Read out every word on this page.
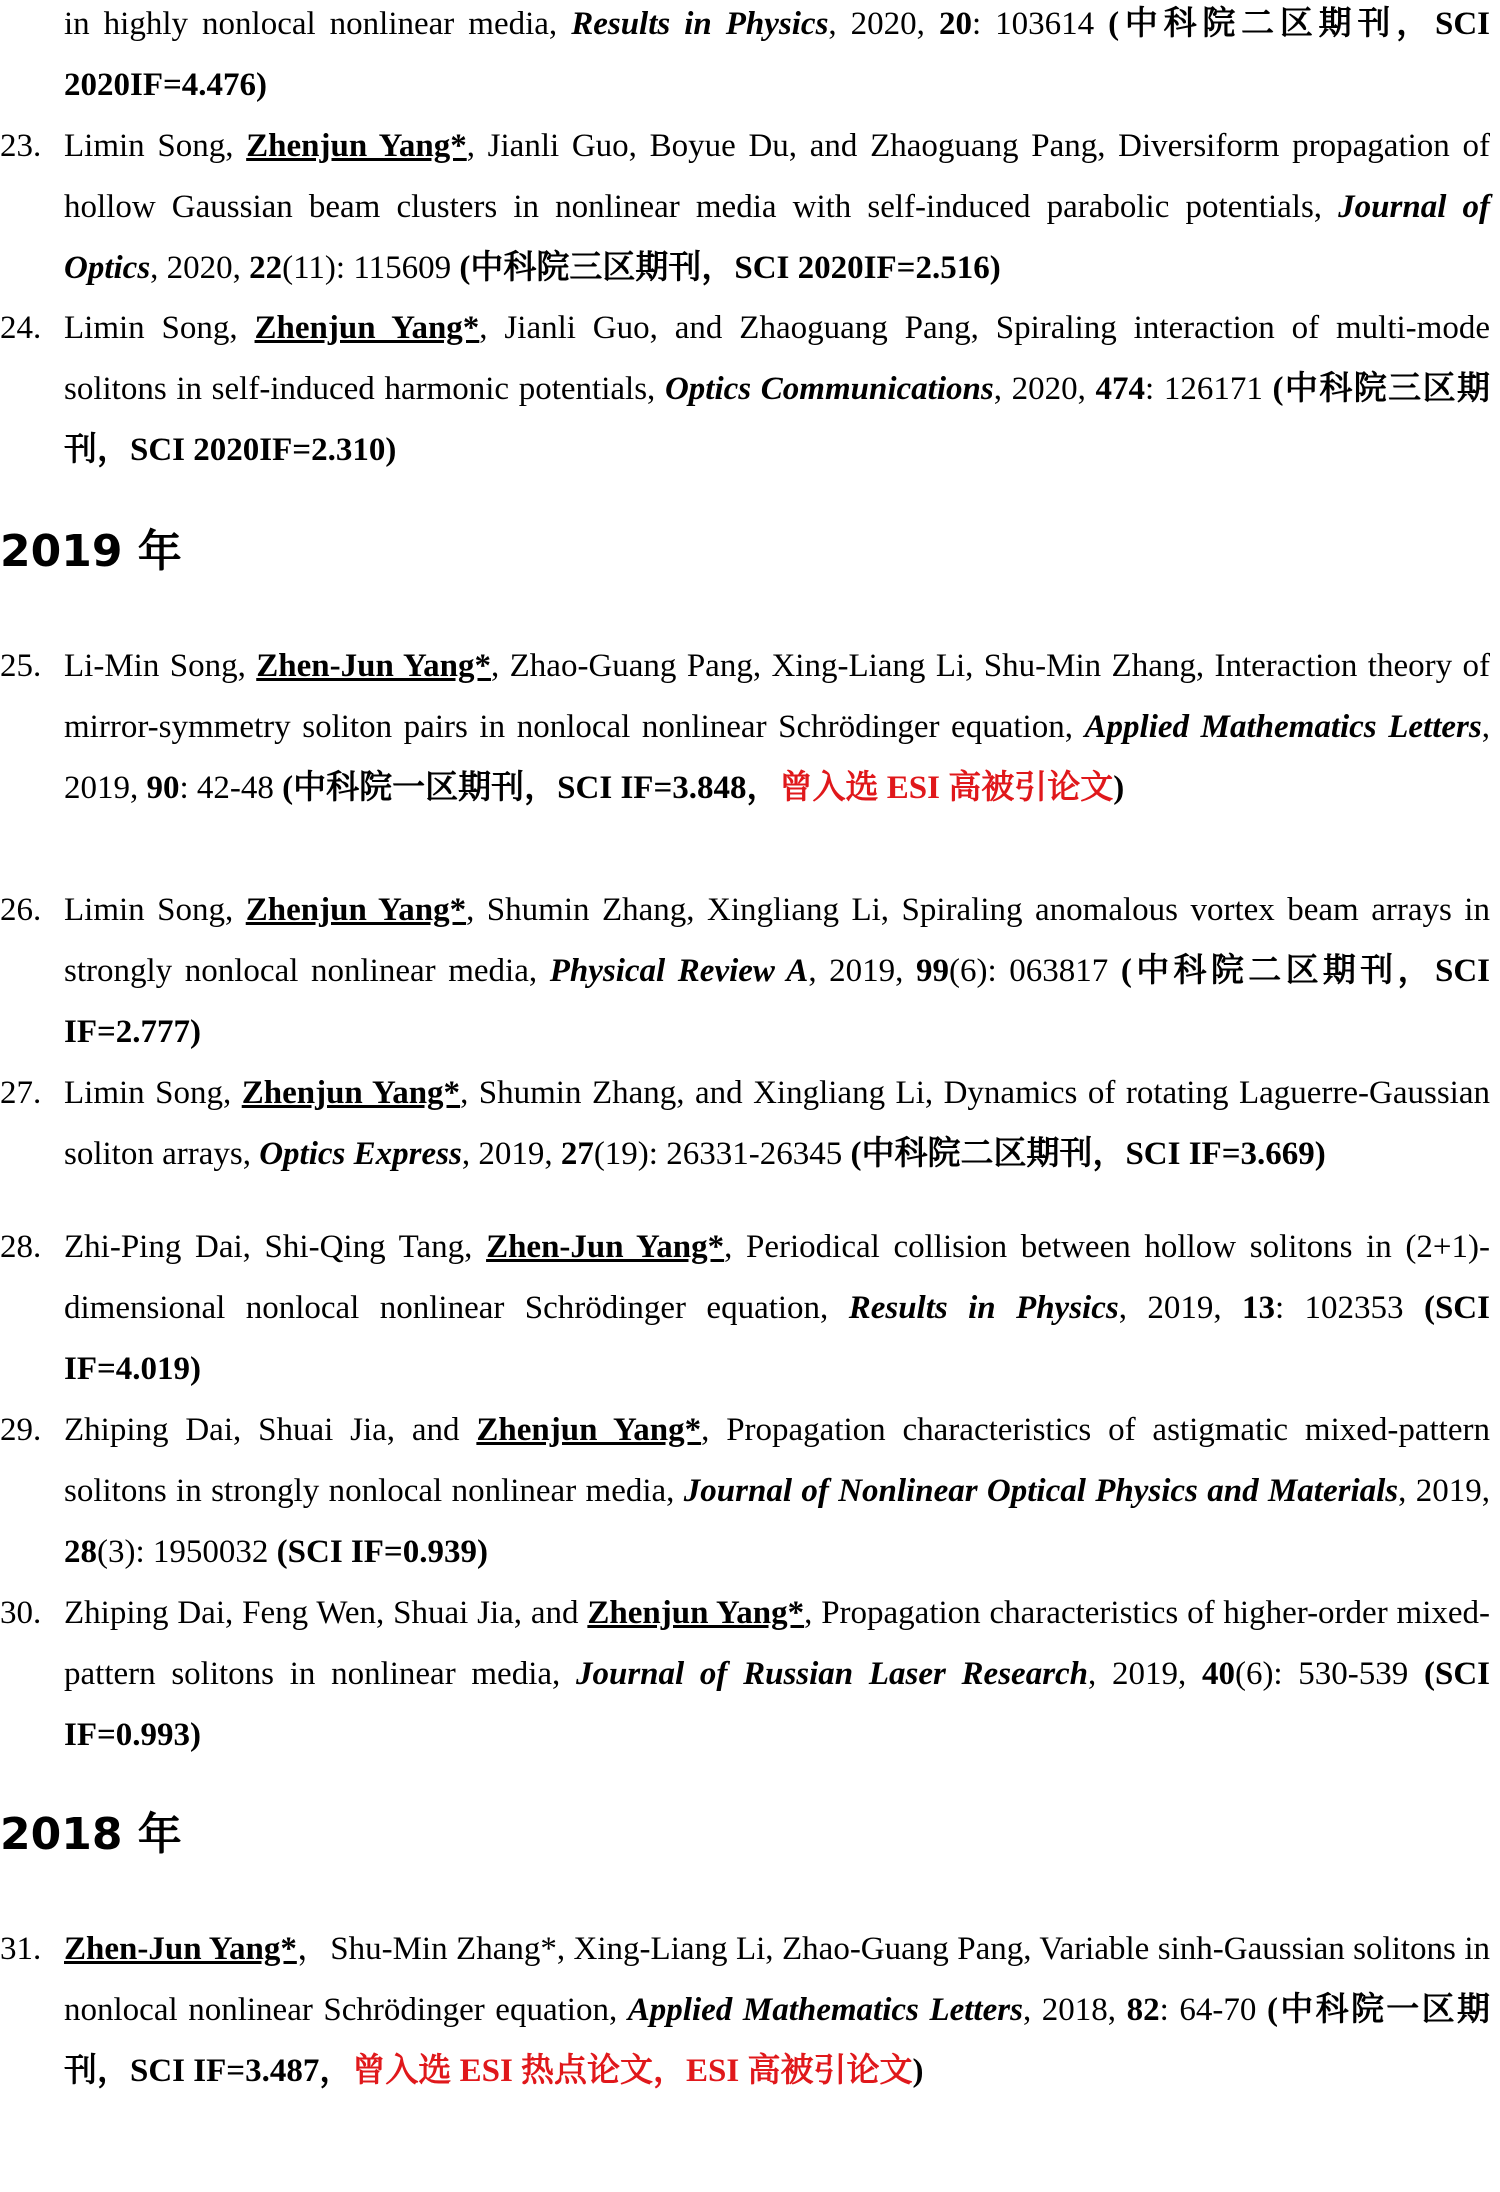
in highly nonlocal nonlinear media, Results in Physics, 2020, 20: 103614 (中科院二区期刊，SCI 2020IF=4.476)
23. Limin Song, Zhenjun Yang*, Jianli Guo, Boyue Du, and Zhaoguang Pang, Diversiform propagation of hollow Gaussian beam clusters in nonlinear media with self-induced parabolic potentials, Journal of Optics, 2020, 22(11): 115609 (中科院三区期刊，SCI 2020IF=2.516)
24. Limin Song, Zhenjun Yang*, Jianli Guo, and Zhaoguang Pang, Spiraling interaction of multi-mode solitons in self-induced harmonic potentials, Optics Communications, 2020, 474: 126171 (中科院三区期刊，SCI 2020IF=2.310)
2019 年
25. Li-Min Song, Zhen-Jun Yang*, Zhao-Guang Pang, Xing-Liang Li, Shu-Min Zhang, Interaction theory of mirror-symmetry soliton pairs in nonlocal nonlinear Schrödinger equation, Applied Mathematics Letters, 2019, 90: 42-48 (中科院一区期刊，SCI IF=3.848，曾入选 ESI 高被引论文)
26. Limin Song, Zhenjun Yang*, Shumin Zhang, Xingliang Li, Spiraling anomalous vortex beam arrays in strongly nonlocal nonlinear media, Physical Review A, 2019, 99(6): 063817 (中科院二区期刊，SCI IF=2.777)
27. Limin Song, Zhenjun Yang*, Shumin Zhang, and Xingliang Li, Dynamics of rotating Laguerre-Gaussian soliton arrays, Optics Express, 2019, 27(19): 26331-26345 (中科院二区期刊，SCI IF=3.669)
28. Zhi-Ping Dai, Shi-Qing Tang, Zhen-Jun Yang*, Periodical collision between hollow solitons in (2+1)-dimensional nonlocal nonlinear Schrödinger equation, Results in Physics, 2019, 13: 102353 (SCI IF=4.019)
29. Zhiping Dai, Shuai Jia, and Zhenjun Yang*, Propagation characteristics of astigmatic mixed-pattern solitons in strongly nonlocal nonlinear media, Journal of Nonlinear Optical Physics and Materials, 2019, 28(3): 1950032 (SCI IF=0.939)
30. Zhiping Dai, Feng Wen, Shuai Jia, and Zhenjun Yang*, Propagation characteristics of higher-order mixed-pattern solitons in nonlinear media, Journal of Russian Laser Research, 2019, 40(6): 530-539 (SCI IF=0.993)
2018 年
31. Zhen-Jun Yang*，Shu-Min Zhang*, Xing-Liang Li, Zhao-Guang Pang, Variable sinh-Gaussian solitons in nonlocal nonlinear Schrödinger equation, Applied Mathematics Letters, 2018, 82: 64-70 (中科院一区期刊，SCI IF=3.487，曾入选 ESI 热点论文，ESI 高被引论文)
